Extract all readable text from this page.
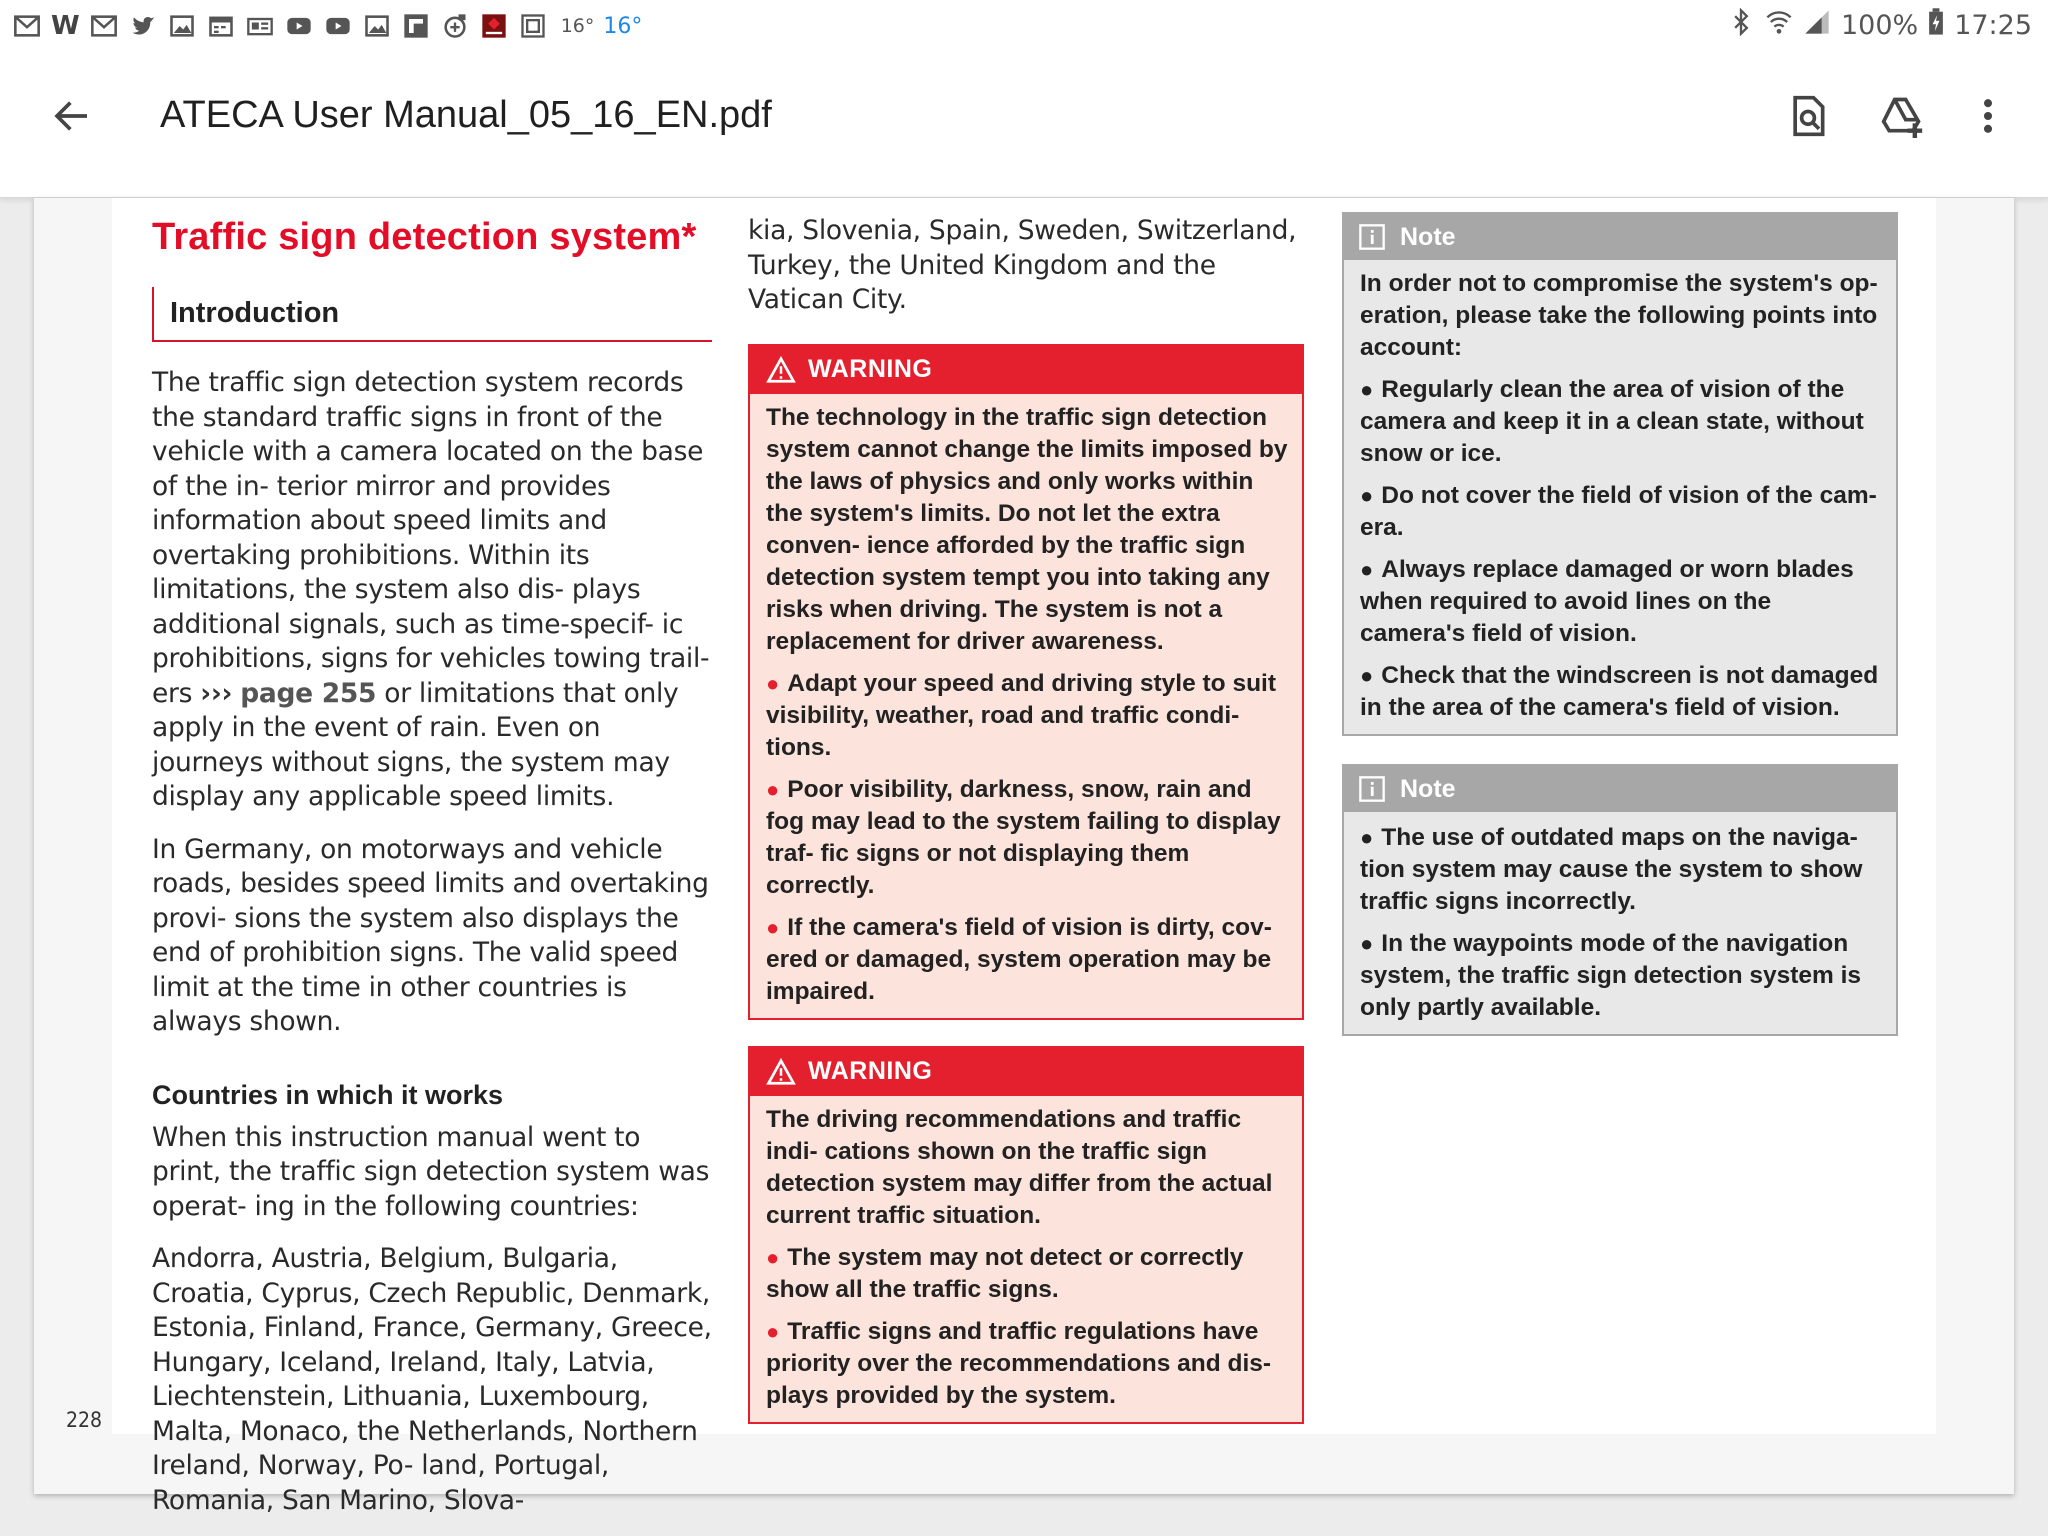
W	16° 16°	100% 17:25
ATECA User Manual_05_16_EN.pdf
228
Traffic sign detection system*
Introduction

The traffic sign detection system records the standard traffic signs in front of the vehicle with a camera located on the base of the in- terior mirror and provides information about speed limits and overtaking prohibitions. Within its limitations, the system also dis- plays additional signals, such as time-specif- ic prohibitions, signs for vehicles towing trail- ers ››› page 255 or limitations that only apply in the event of rain. Even on journeys without signs, the system may display any applicable speed limits.

In Germany, on motorways and vehicle roads, besides speed limits and overtaking provi- sions the system also displays the end of prohibition signs. The valid speed limit at the time in other countries is always shown.

Countries in which it works

When this instruction manual went to print, the traffic sign detection system was operat- ing in the following countries:

Andorra, Austria, Belgium, Bulgaria, Croatia, Cyprus, Czech Republic, Denmark, Estonia, Finland, France, Germany, Greece, Hungary, Iceland, Ireland, Italy, Latvia, Liechtenstein, Lithuania, Luxembourg, Malta, Monaco, the Netherlands, Northern Ireland, Norway, Po- land, Portugal, Romania, San Marino, Slova-

kia, Slovenia, Spain, Sweden, Switzerland, Turkey, the United Kingdom and the Vatican City.

WARNING

The technology in the traffic sign detection system cannot change the limits imposed by the laws of physics and only works within the system's limits. Do not let the extra conven- ience afforded by the traffic sign detection system tempt you into taking any risks when driving. The system is not a replacement for driver awareness.

● Adapt your speed and driving style to suit visibility, weather, road and traffic condi- tions.

● Poor visibility, darkness, snow, rain and fog may lead to the system failing to display traf- fic signs or not displaying them correctly.

● If the camera's field of vision is dirty, cov- ered or damaged, system operation may be impaired.

WARNING

The driving recommendations and traffic indi- cations shown on the traffic sign detection system may differ from the actual current traffic situation.

● The system may not detect or correctly show all the traffic signs.

● Traffic signs and traffic regulations have priority over the recommendations and dis- plays provided by the system.

Note

In order not to compromise the system's op- eration, please take the following points into account:

● Regularly clean the area of vision of the camera and keep it in a clean state, without snow or ice.

● Do not cover the field of vision of the cam- era.

● Always replace damaged or worn blades when required to avoid lines on the camera's field of vision.

● Check that the windscreen is not damaged in the area of the camera's field of vision.

Note

● The use of outdated maps on the naviga- tion system may cause the system to show traffic signs incorrectly.

● In the waypoints mode of the navigation system, the traffic sign detection system is only partly available.
